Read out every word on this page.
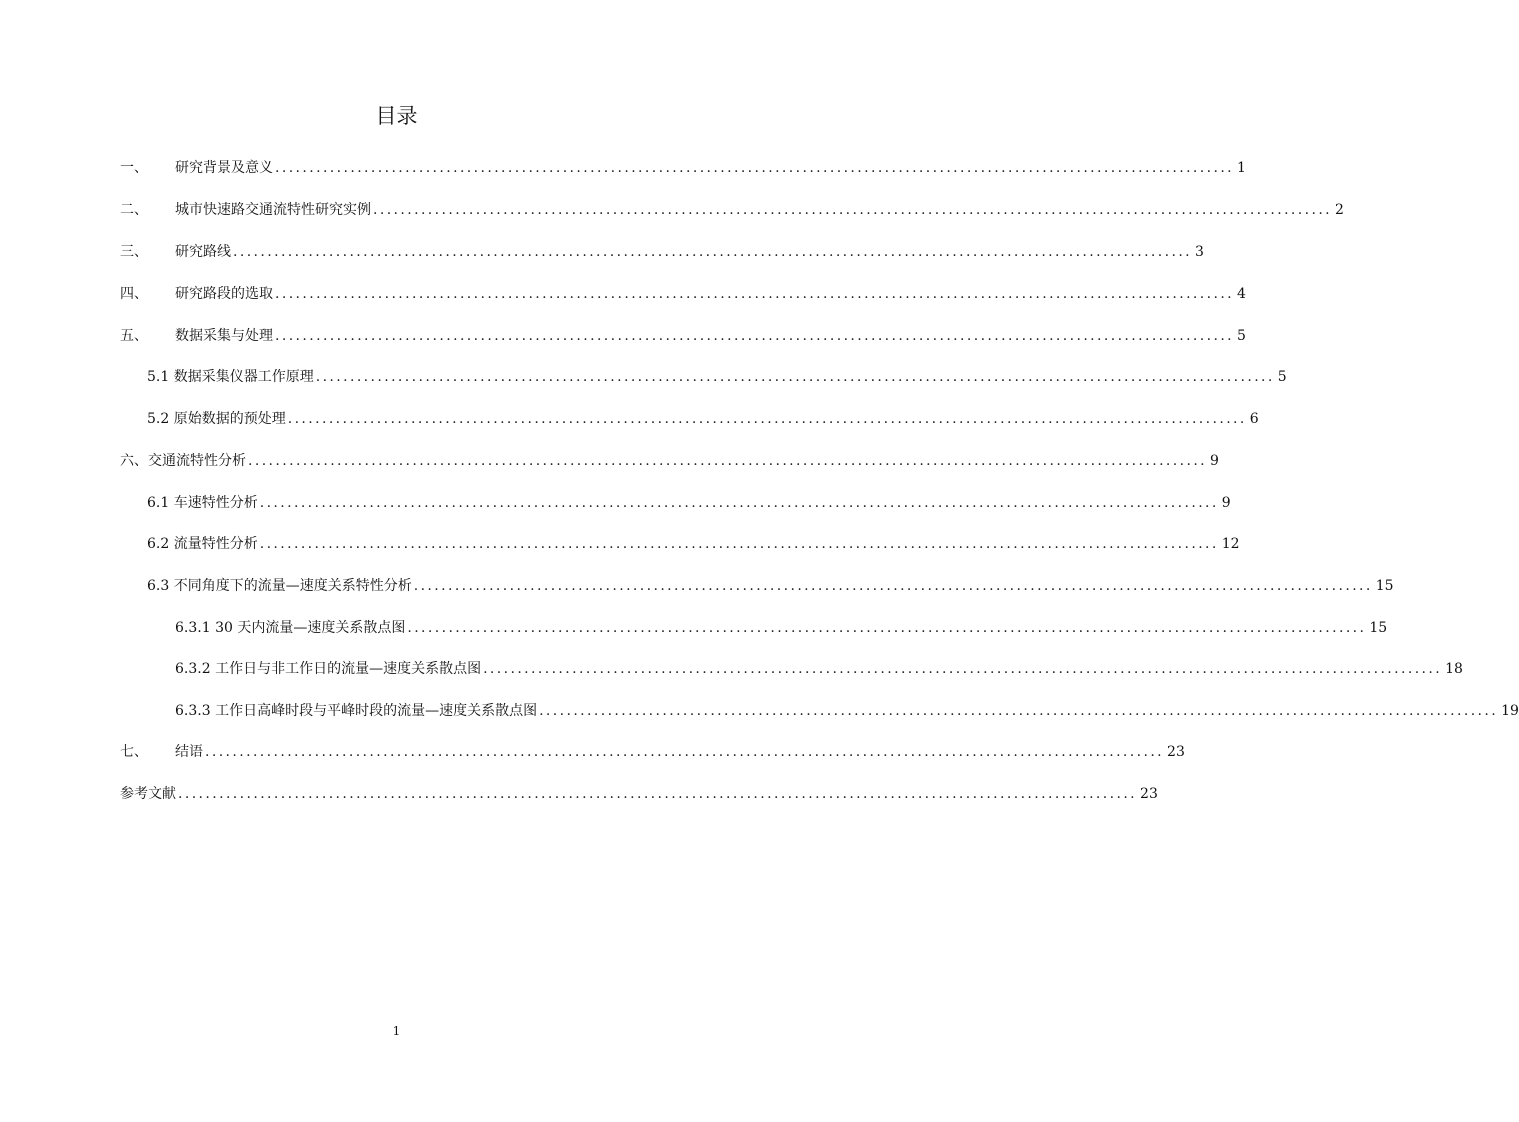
目录
一、	研究背景及意义 ............................................................................................................................................ 1
二、	城市快速路交通流特性研究实例 ............................................................................................................................................ 2
三、	研究路线 ............................................................................................................................................ 3
四、	研究路段的选取 ............................................................................................................................................ 4
五、	数据采集与处理 ............................................................................................................................................ 5
5.1 数据采集仪器工作原理 ............................................................................................................................................ 5
5.2 原始数据的预处理 ............................................................................................................................................ 6
六、交通流特性分析 ............................................................................................................................................ 9
6.1 车速特性分析 ............................................................................................................................................ 9
6.2 流量特性分析 ............................................................................................................................................ 12
6.3 不同角度下的流量—速度关系特性分析 ............................................................................................................................................ 15
6.3.1 30 天内流量—速度关系散点图 ............................................................................................................................................ 15
6.3.2 工作日与非工作日的流量—速度关系散点图 ............................................................................................................................................ 18
6.3.3 工作日高峰时段与平峰时段的流量—速度关系散点图 ............................................................................................................................................ 19
七、	结语 ............................................................................................................................................ 23
参考文献 ............................................................................................................................................ 23
1
